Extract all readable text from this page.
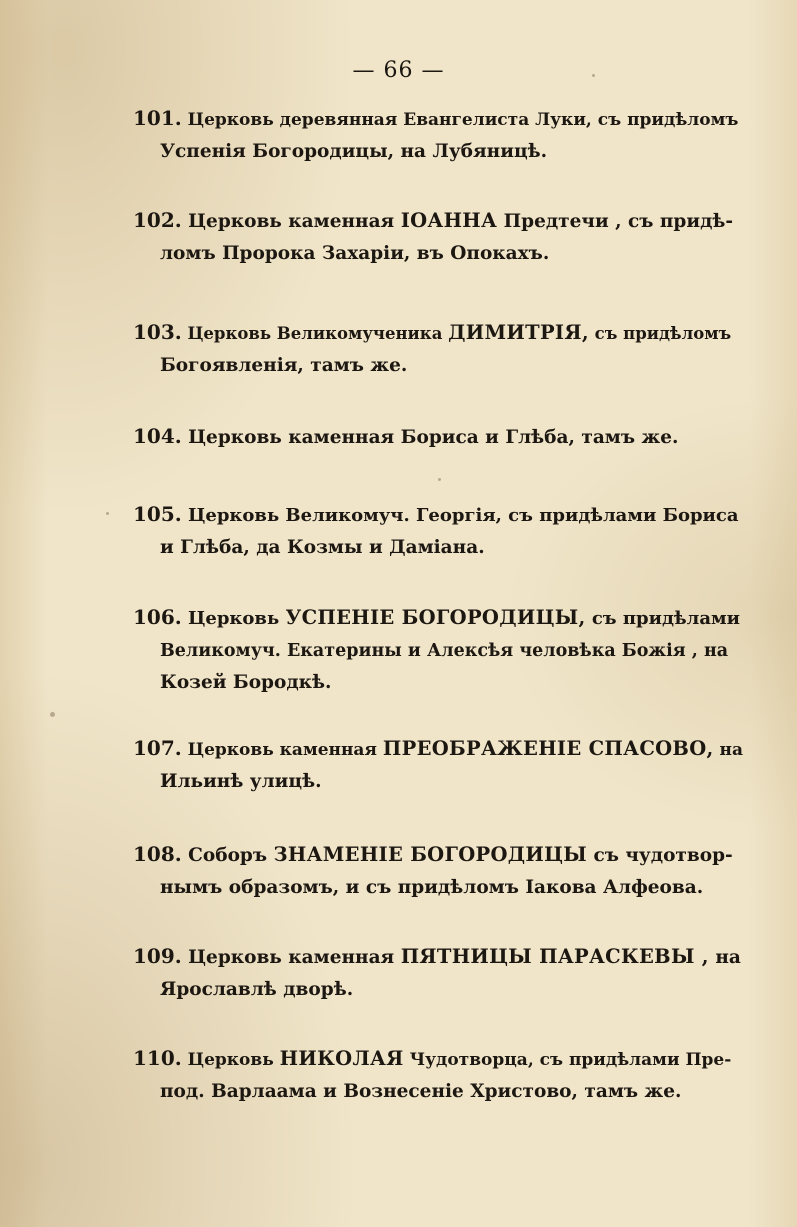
— 66 —
101. Церковь деревянная Евангелиста Луки, съ придѣломъ
Успенія Богородицы, на Лубяницѣ.
102. Церковь каменная ІОАННА Предтечи , съ придѣ-
ломъ Пророка Захаріи, въ Опокахъ.
103. Церковь Великомученика ДИМИТРІЯ, съ придѣломъ
Богоявленія, тамъ же.
104. Церковь каменная Бориса и Глѣба, тамъ же.
105. Церковь Великомуч. Георгія, съ придѣлами Бориса
и Глѣба, да Козмы и Даміана.
106. Церковь УСПЕНІЕ БОГОРОДИЦЫ, съ придѣлами
Великомуч. Екатерины и Алексѣя человѣка Божія , на
Козей Бородкѣ.
107. Церковь каменная ПРЕОБРАЖЕНІЕ СПАСОВО, на
Ильинѣ улицѣ.
108. Соборъ ЗНАМЕНІЕ БОГОРОДИЦЫ съ чудотвор-
нымъ образомъ, и съ придѣломъ Іакова Алфеова.
109. Церковь каменная ПЯТНИЦЫ ПАРАСКЕВЫ , на
Ярославлѣ дворѣ.
110. Церковь НИКОЛАЯ Чудотворца, съ придѣлами Пре-
под. Варлаама и Вознесеніе Христово, тамъ же.
